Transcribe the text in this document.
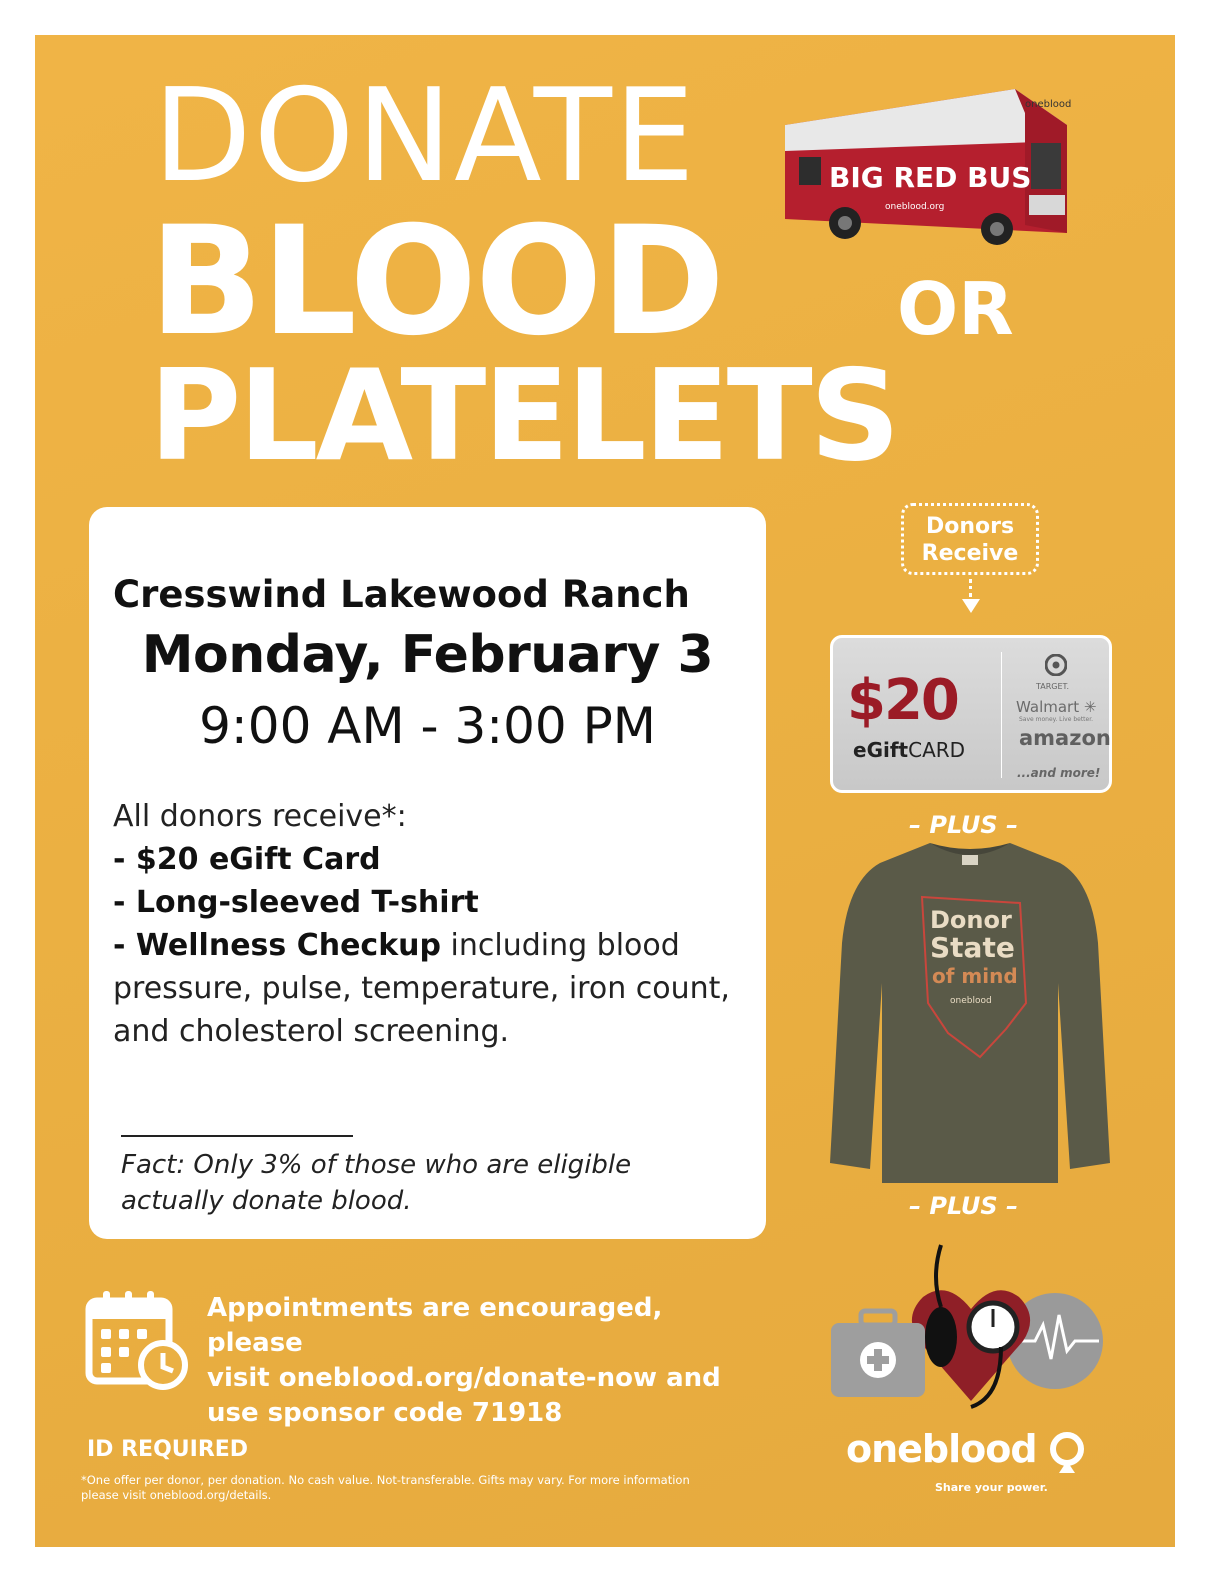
DONATE
BLOOD OR
PLATELETS
BIG RED BUS
oneblood
oneblood.org
Cresswind Lakewood Ranch
Monday, February 3
9:00 AM - 3:00 PM
All donors receive*:
- $20 eGift Card
- Long-sleeved T-shirt
- Wellness Checkup including blood pressure, pulse, temperature, iron count, and cholesterol screening.
Fact: Only 3% of those who are eligible actually donate blood.
Donors
Receive
$20
eGiftCARD
TARGET.
Walmart ✳
Save money. Live better.
amazon
...and more!
– PLUS –
Donor
State
of mind
oneblood
– PLUS –
Appointments are encouraged, please
visit oneblood.org/donate-now and
use sponsor code 71918
ID REQUIRED
*One offer per donor, per donation. No cash value. Not-transferable. Gifts may vary. For more information please visit oneblood.org/details.
oneblood
Share your power.
